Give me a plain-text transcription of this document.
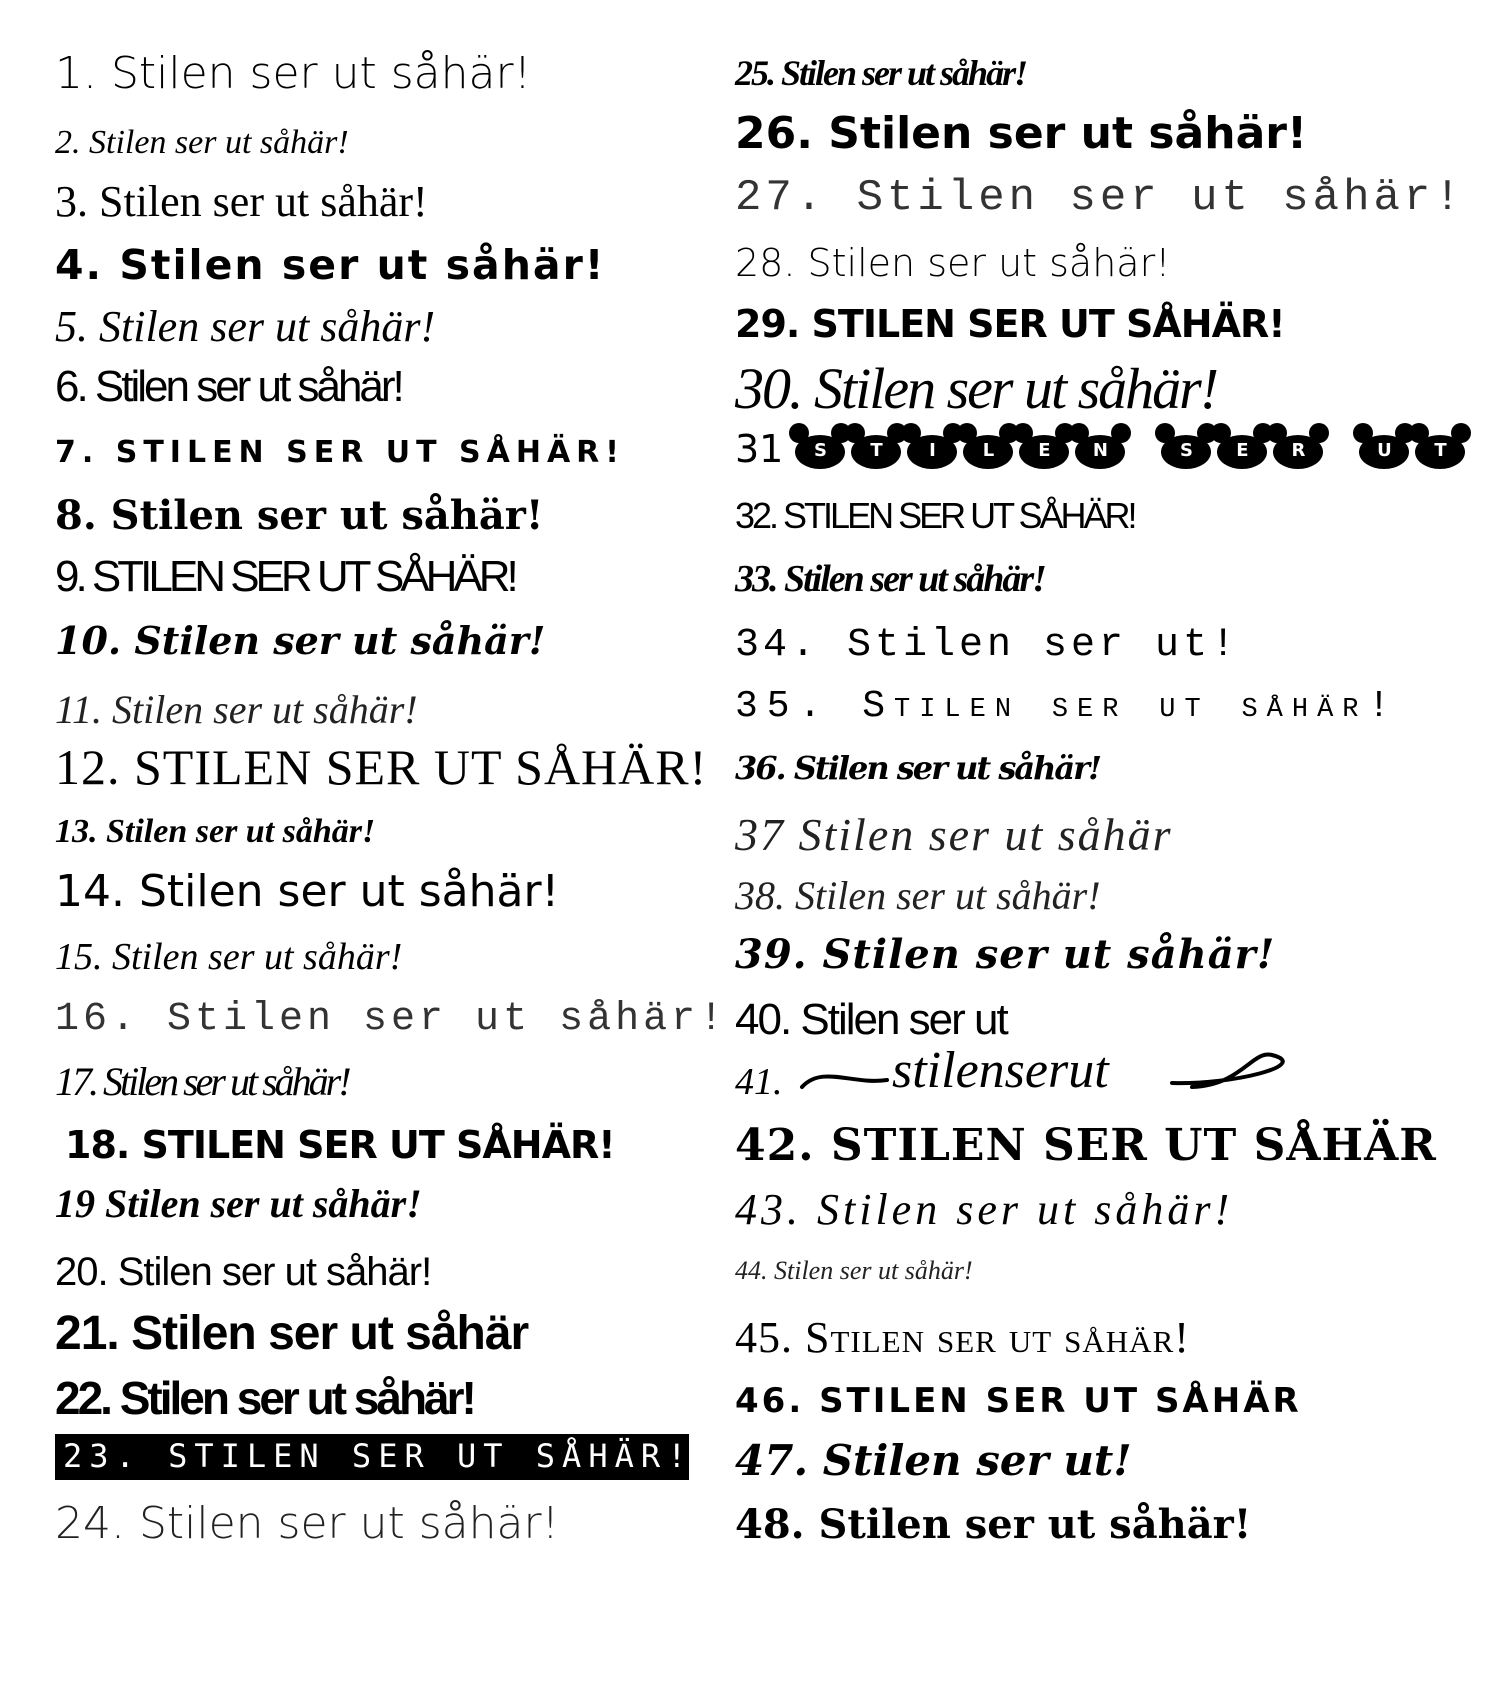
1. Stilen ser ut såhär!
2. Stilen ser ut såhär!
3. Stilen ser ut såhär!
4. Stilen ser ut såhär!
5. Stilen ser ut såhär!
6. Stilen ser ut såhär!
7. STILEN SER UT SÅHÄR!
8. Stilen ser ut såhär!
9. STILEN SER UT SÅHÄR!
10. Stilen ser ut såhär!
11. Stilen ser ut såhär!
12. STILEN SER UT SÅHÄR!
13. Stilen ser ut såhär!
14. Stilen ser ut såhär!
15. Stilen ser ut såhär!
16. Stilen ser ut såhär!
17. Stilen ser ut såhär!
18. STILEN SER UT SÅHÄR!
19 Stilen ser ut såhär!
20. Stilen ser ut såhär!
21. Stilen ser ut såhär
22. Stilen ser ut såhär!
23. STILEN SER UT SÅHÄR!
24. Stilen ser ut såhär!
25. Stilen ser ut såhär!
26. Stilen ser ut såhär!
27. Stilen ser ut såhär!
28. Stilen ser ut såhär!
29. STILEN SER UT SÅHÄR!
30. Stilen ser ut såhär!
31	S	T	I	L	E	N	S	E	R	U	T
32. STILEN SER UT SÅHÄR!
33. Stilen ser ut såhär!
34. Stilen ser ut!
35. Stilen ser ut såhär!
36. Stilen ser ut såhär!
37 Stilen ser ut såhär
38. Stilen ser ut såhär!
39. Stilen ser ut såhär!
40. Stilen ser ut
41. stilenserut
42. STILEN SER UT SÅHÄR
43. Stilen ser ut såhär!
44. Stilen ser ut såhär!
45. Stilen ser ut såhär!
46. STILEN SER UT SÅHÄR
47. Stilen ser ut!
48. Stilen ser ut såhär!
